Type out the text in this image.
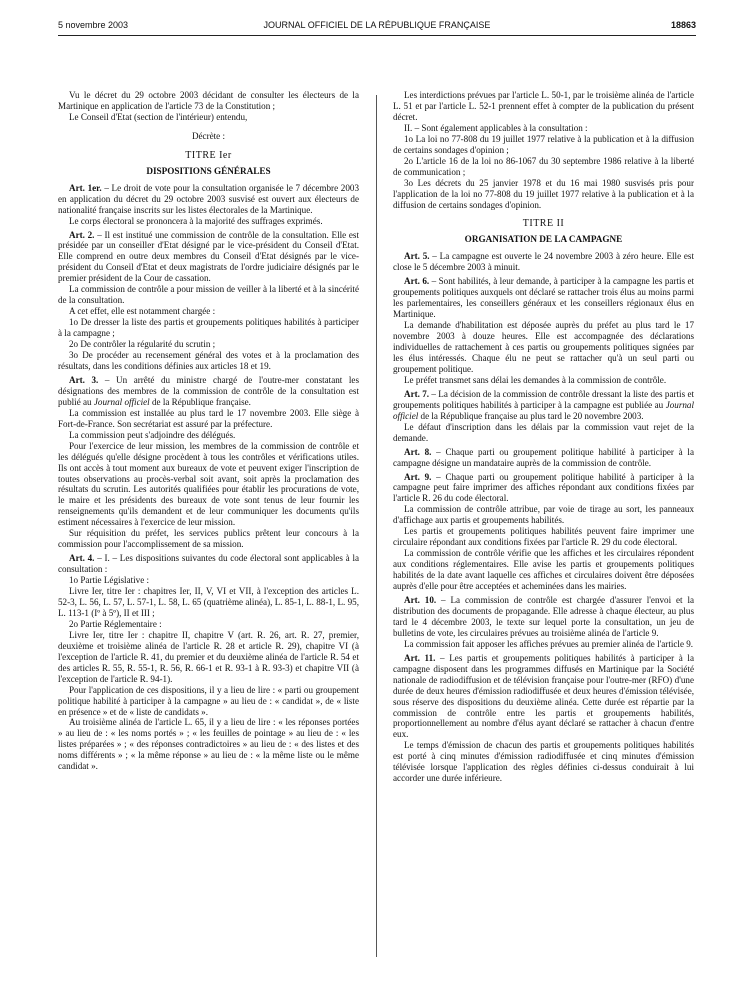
5 novembre 2003	JOURNAL OFFICIEL DE LA RÉPUBLIQUE FRANÇAISE	18863

Vu le décret du 29 octobre 2003 décidant de consulter les électeurs de la Martinique en application de l'article 73 de la Constitution ;

Le Conseil d'Etat (section de l'intérieur) entendu,

Décrète :

TITRE Ier

DISPOSITIONS GÉNÉRALES

Art. 1er. – Le droit de vote pour la consultation organisée le 7 décembre 2003 en application du décret du 29 octobre 2003 susvisé est ouvert aux électeurs de nationalité française inscrits sur les listes électorales de la Martinique.

Le corps électoral se prononcera à la majorité des suffrages exprimés.

Art. 2. – Il est institué une commission de contrôle de la consultation. Elle est présidée par un conseiller d'Etat désigné par le vice-président du Conseil d'Etat. Elle comprend en outre deux membres du Conseil d'Etat désignés par le vice-président du Conseil d'Etat et deux magistrats de l'ordre judiciaire désignés par le premier président de la Cour de cassation.

La commission de contrôle a pour mission de veiller à la liberté et à la sincérité de la consultation.

A cet effet, elle est notamment chargée :

1o De dresser la liste des partis et groupements politiques habilités à participer à la campagne ;

2o De contrôler la régularité du scrutin ;

3o De procéder au recensement général des votes et à la proclamation des résultats, dans les conditions définies aux articles 18 et 19.

Art. 3. – Un arrêté du ministre chargé de l'outre-mer constatant les désignations des membres de la commission de contrôle de la consultation est publié au Journal officiel de la République française.

La commission est installée au plus tard le 17 novembre 2003. Elle siège à Fort-de-France. Son secrétariat est assuré par la préfecture.

La commission peut s'adjoindre des délégués.

Pour l'exercice de leur mission, les membres de la commission de contrôle et les délégués qu'elle désigne procèdent à tous les contrôles et vérifications utiles. Ils ont accès à tout moment aux bureaux de vote et peuvent exiger l'inscription de toutes observations au procès-verbal soit avant, soit après la proclamation des résultats du scrutin. Les autorités qualifiées pour établir les procurations de vote, le maire et les présidents des bureaux de vote sont tenus de leur fournir les renseignements qu'ils demandent et de leur communiquer les documents qu'ils estiment nécessaires à l'exercice de leur mission.

Sur réquisition du préfet, les services publics prêtent leur concours à la commission pour l'accomplissement de sa mission.

Art. 4. – I. – Les dispositions suivantes du code électoral sont applicables à la consultation :

1o Partie Législative :

Livre Ier, titre Ier : chapitres Ier, II, V, VI et VII, à l'exception des articles L. 52-3, L. 56, L. 57, L. 57-1, L. 58, L. 65 (quatrième alinéa), L. 85-1, L. 88-1, L. 95, L. 113-1 (Iº à 5º), II et III ;

2o Partie Réglementaire :

Livre Ier, titre Ier : chapitre II, chapitre V (art. R. 26, art. R. 27, premier, deuxième et troisième alinéa de l'article R. 28 et article R. 29), chapitre VI (à l'exception de l'article R. 41, du premier et du deuxième alinéa de l'article R. 54 et des articles R. 55, R. 55-1, R. 56, R. 66-1 et R. 93-1 à R. 93-3) et chapitre VII (à l'exception de l'article R. 94-1).

Pour l'application de ces dispositions, il y a lieu de lire : « parti ou groupement politique habilité à participer à la campagne » au lieu de : « candidat », de « liste en présence » et de « liste de candidats ».

Au troisième alinéa de l'article L. 65, il y a lieu de lire : « les réponses portées » au lieu de : « les noms portés » ; « les feuilles de pointage » au lieu de : « les listes préparées » ; « des réponses contradictoires » au lieu de : « des listes et des noms différents » ; « la même réponse » au lieu de : « la même liste ou le même candidat ».

Les interdictions prévues par l'article L. 50-1, par le troisième alinéa de l'article L. 51 et par l'article L. 52-1 prennent effet à compter de la publication du présent décret.

II. – Sont également applicables à la consultation :

1o La loi no 77-808 du 19 juillet 1977 relative à la publication et à la diffusion de certains sondages d'opinion ;

2o L'article 16 de la loi no 86-1067 du 30 septembre 1986 relative à la liberté de communication ;

3o Les décrets du 25 janvier 1978 et du 16 mai 1980 susvisés pris pour l'application de la loi no 77-808 du 19 juillet 1977 relative à la publication et à la diffusion de certains sondages d'opinion.

TITRE II

ORGANISATION DE LA CAMPAGNE

Art. 5. – La campagne est ouverte le 24 novembre 2003 à zéro heure. Elle est close le 5 décembre 2003 à minuit.

Art. 6. – Sont habilités, à leur demande, à participer à la campagne les partis et groupements politiques auxquels ont déclaré se rattacher trois élus au moins parmi les parlementaires, les conseillers généraux et les conseillers régionaux élus en Martinique.

La demande d'habilitation est déposée auprès du préfet au plus tard le 17 novembre 2003 à douze heures. Elle est accompagnée des déclarations individuelles de rattachement à ces partis ou groupements politiques signées par les élus intéressés. Chaque élu ne peut se rattacher qu'à un seul parti ou groupement politique.

Le préfet transmet sans délai les demandes à la commission de contrôle.

Art. 7. – La décision de la commission de contrôle dressant la liste des partis et groupements politiques habilités à participer à la campagne est publiée au Journal officiel de la République française au plus tard le 20 novembre 2003.

Le défaut d'inscription dans les délais par la commission vaut rejet de la demande.

Art. 8. – Chaque parti ou groupement politique habilité à participer à la campagne désigne un mandataire auprès de la commission de contrôle.

Art. 9. – Chaque parti ou groupement politique habilité à participer à la campagne peut faire imprimer des affiches répondant aux conditions fixées par l'article R. 26 du code électoral.

La commission de contrôle attribue, par voie de tirage au sort, les panneaux d'affichage aux partis et groupements habilités.

Les partis et groupements politiques habilités peuvent faire imprimer une circulaire répondant aux conditions fixées par l'article R. 29 du code électoral.

La commission de contrôle vérifie que les affiches et les circulaires répondent aux conditions réglementaires. Elle avise les partis et groupements politiques habilités de la date avant laquelle ces affiches et circulaires doivent être déposées auprès d'elle pour être acceptées et acheminées dans les mairies.

Art. 10. – La commission de contrôle est chargée d'assurer l'envoi et la distribution des documents de propagande. Elle adresse à chaque électeur, au plus tard le 4 décembre 2003, le texte sur lequel porte la consultation, un jeu de bulletins de vote, les circulaires prévues au troisième alinéa de l'article 9.

La commission fait apposer les affiches prévues au premier alinéa de l'article 9.

Art. 11. – Les partis et groupements politiques habilités à participer à la campagne disposent dans les programmes diffusés en Martinique par la Société nationale de radiodiffusion et de télévision française pour l'outre-mer (RFO) d'une durée de deux heures d'émission radiodiffusée et deux heures d'émission télévisée, sous réserve des dispositions du deuxième alinéa. Cette durée est répartie par la commission de contrôle entre les partis et groupements habilités, proportionnellement au nombre d'élus ayant déclaré se rattacher à chacun d'entre eux.

Le temps d'émission de chacun des partis et groupements politiques habilités est porté à cinq minutes d'émission radiodiffusée et cinq minutes d'émission télévisée lorsque l'application des règles définies ci-dessus conduirait à lui accorder une durée inférieure.
